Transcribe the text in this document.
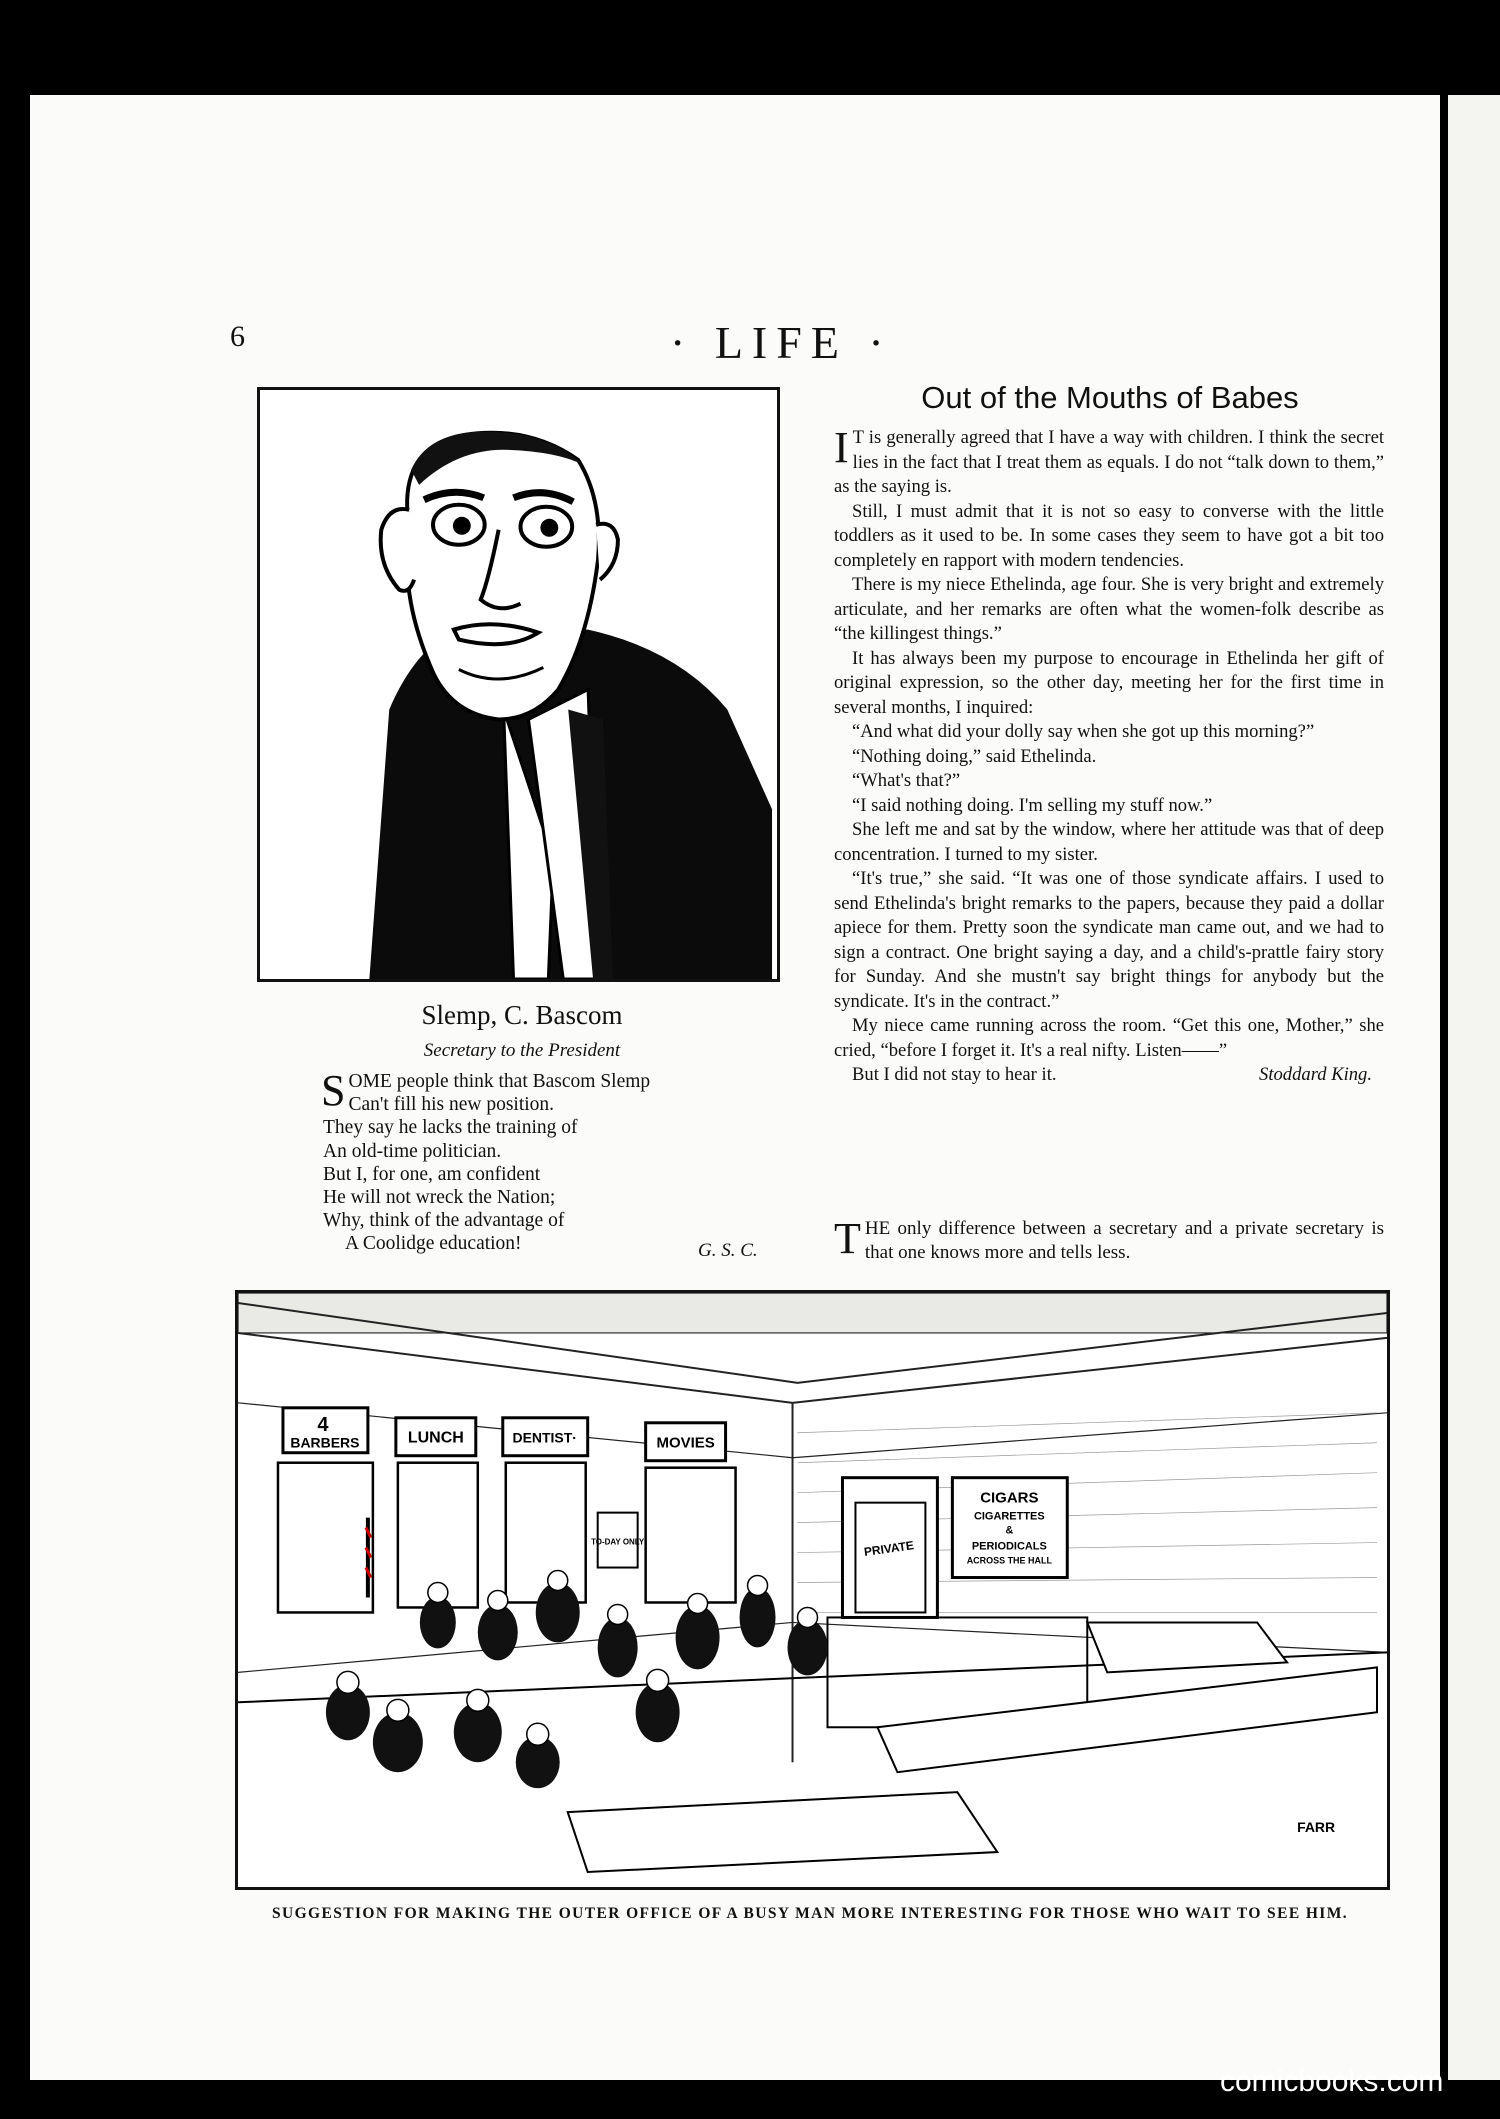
6	· LIFE ·
Slemp, C. Bascom
Secretary to the President
S OME people think that Bascom Slemp
Can't fill his new position.
They say he lacks the training of
An old-time politician.
But I, for one, am confident
He will not wreck the Nation;
Why, think of the advantage of
A Coolidge education!	G. S. C.
Out of the Mouths of Babes

I T is generally agreed that I have a way with children. I think the secret lies in the fact that I treat them as equals. I do not “talk down to them,” as the saying is.

Still, I must admit that it is not so easy to converse with the little toddlers as it used to be. In some cases they seem to have got a bit too completely en rapport with modern tendencies.

There is my niece Ethelinda, age four. She is very bright and extremely articulate, and her remarks are often what the women-folk describe as “the killingest things.”

It has always been my purpose to encourage in Ethelinda her gift of original expression, so the other day, meeting her for the first time in several months, I inquired:

“And what did your dolly say when she got up this morning?”

“Nothing doing,” said Ethelinda.

“What's that?”

“I said nothing doing. I'm selling my stuff now.”

She left me and sat by the window, where her attitude was that of deep concentration. I turned to my sister.

“It's true,” she said. “It was one of those syndicate affairs. I used to send Ethelinda's bright remarks to the papers, because they paid a dollar apiece for them. Pretty soon the syndicate man came out, and we had to sign a contract. One bright saying a day, and a child's-prattle fairy story for Sunday. And she mustn't say bright things for anybody but the syndicate. It's in the contract.”

My niece came running across the room. “Get this one, Mother,” she cried, “before I forget it. It's a real nifty. Listen——”

But I did not stay to hear it.	Stoddard King.
T HE only difference between a secretary and a private secretary is that one knows more and tells less.
4
BARBERS	LUNCH	DENTIST·	MOVIES
TO-DAY ONLY	PRIVATE
CIGARS
CIGARETTES
&
PERIODICALS
ACROSS THE HALL
FARR
SUGGESTION FOR MAKING THE OUTER OFFICE OF A BUSY MAN MORE INTERESTING FOR THOSE WHO WAIT TO SEE HIM.
comicbooks.com
